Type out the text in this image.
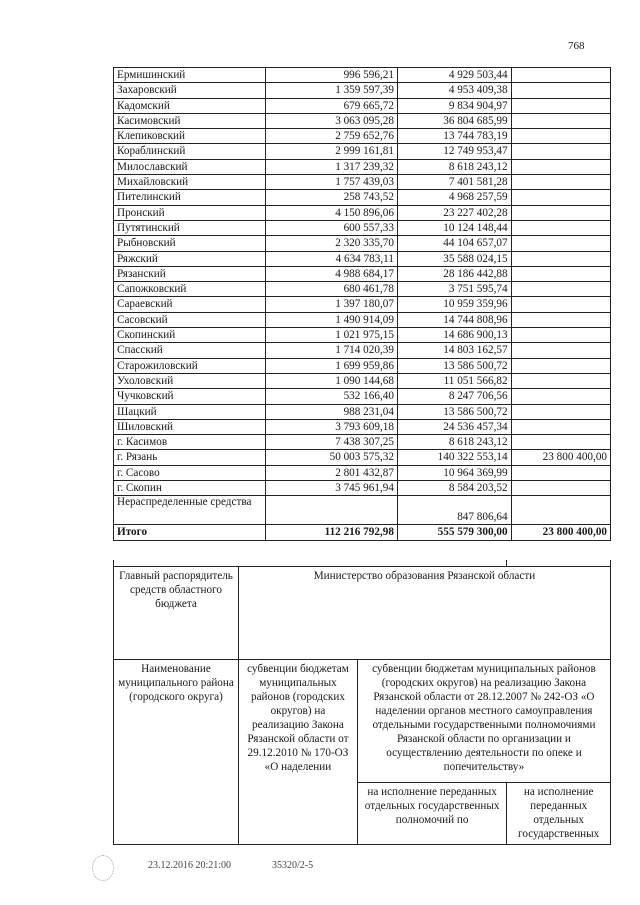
768
Ермишинский	996 596,21	4 929 503,44	
Захаровский	1 359 597,39	4 953 409,38	
Кадомский	679 665,72	9 834 904,97	
Касимовский	3 063 095,28	36 804 685,99	
Клепиковский	2 759 652,76	13 744 783,19	
Кораблинский	2 999 161,81	12 749 953,47	
Милославский	1 317 239,32	8 618 243,12	
Михайловский	1 757 439,03	7 401 581,28	
Пителинский	258 743,52	4 968 257,59	
Пронский	4 150 896,06	23 227 402,28	
Путятинский	600 557,33	10 124 148,44	
Рыбновский	2 320 335,70	44 104 657,07	
Ряжский	4 634 783,11	35 588 024,15	
Рязанский	4 988 684,17	28 186 442,88	
Сапожковский	680 461,78	3 751 595,74	
Сараевский	1 397 180,07	10 959 359,96	
Сасовский	1 490 914,09	14 744 808,96	
Скопинский	1 021 975,15	14 686 900,13	
Спасский	1 714 020,39	14 803 162,57	
Старожиловский	1 699 959,86	13 586 500,72	
Ухоловский	1 090 144,68	11 051 566,82	
Чучковский	532 166,40	8 247 706,56	
Шацкий	988 231,04	13 586 500,72	
Шиловский	3 793 609,18	24 536 457,34	
г. Касимов	7 438 307,25	8 618 243,12	
г. Рязань	50 003 575,32	140 322 553,14	23 800 400,00
г. Сасово	2 801 432,87	10 964 369,99	
г. Скопин	3 745 961,94	8 584 203,52	
Нераспределенные средства		847 806,64	
Итого	112 216 792,98	555 579 300,00	23 800 400,00

Главный распорядитель средств областного бюджета	Министерство образования Рязанской области		
Наименование муниципального района (городского округа)	субвенции бюджетам муниципальных районов (городских округов) на реализацию Закона Рязанской области от 29.12.2010 № 170-ОЗ «О наделении	субвенции бюджетам муниципальных районов (городских округов) на реализацию Закона Рязанской области от 28.12.2007 № 242-ОЗ «О наделении органов местного самоуправления отдельными государственными полномочиями Рязанской области по организации и осуществлению деятельности по опеке и попечительству»	
		на исполнение переданных отдельных государственных полномочий по	на исполнение переданных отдельных государственных
23.12.2016 20:21:00	35320/2-5
